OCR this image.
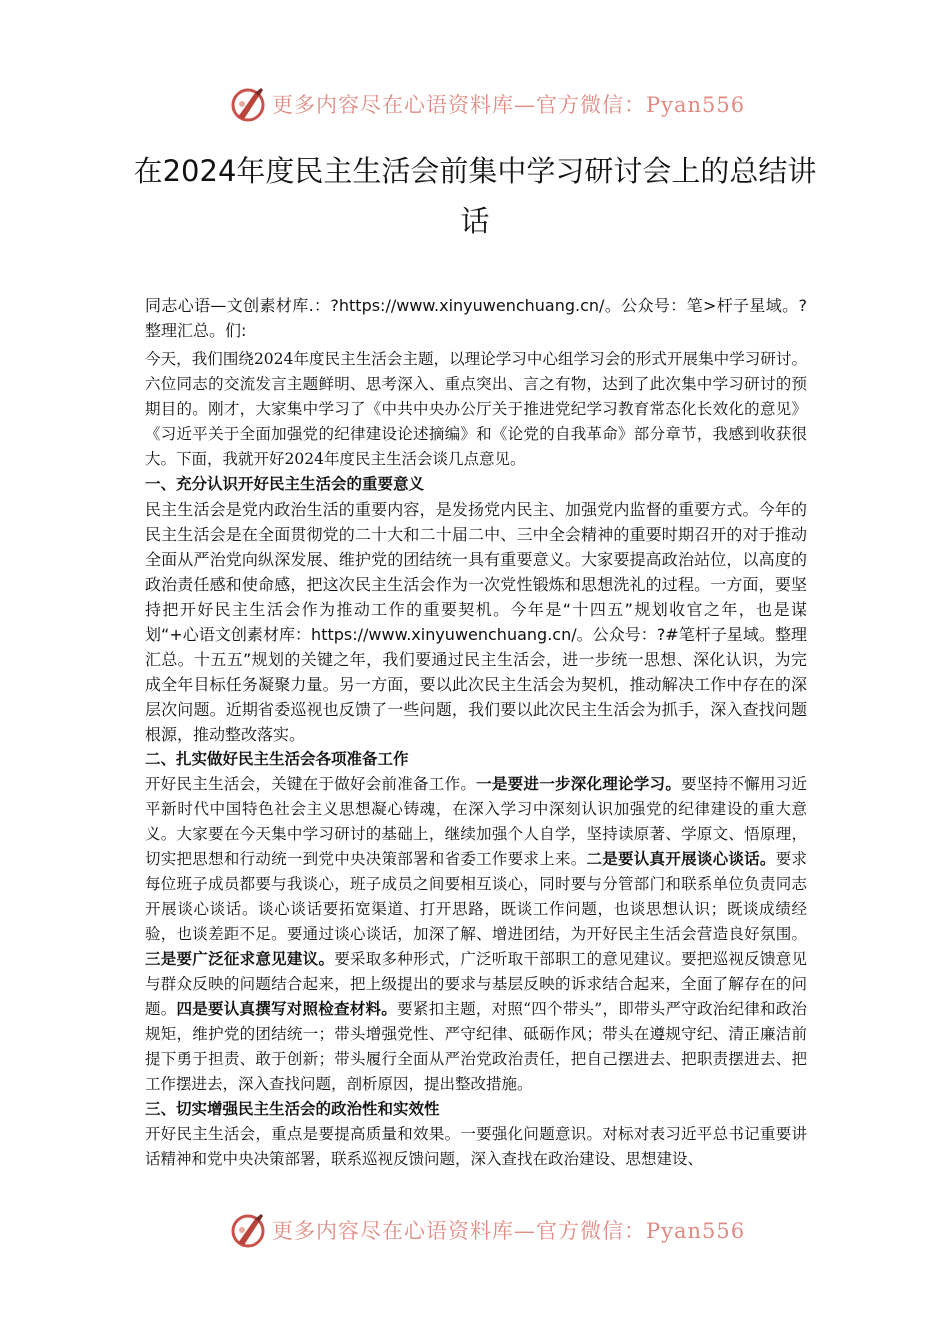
更多内容尽在心语资料库—官方微信：Pyan556
在2024年度民主生活会前集中学习研讨会上的总结讲话

同志心语—文创素材库.：?https://www.xinyuwenchuang.cn/。公众号：笔>杆子星域。?整理汇总。们:

今天，我们围绕2024年度民主生活会主题，以理论学习中心组学习会的形式开展集中学习研讨。六位同志的交流发言主题鲜明、思考深入、重点突出、言之有物，达到了此次集中学习研讨的预期目的。刚才，大家集中学习了《中共中央办公厅关于推进党纪学习教育常态化长效化的意见》《习近平关于全面加强党的纪律建设论述摘编》和《论党的自我革命》部分章节，我感到收获很大。下面，我就开好2024年度民主生活会谈几点意见。

一、充分认识开好民主生活会的重要意义

民主生活会是党内政治生活的重要内容，是发扬党内民主、加强党内监督的重要方式。今年的民主生活会是在全面贯彻党的二十大和二十届二中、三中全会精神的重要时期召开的对于推动全面从严治党向纵深发展、维护党的团结统一具有重要意义。大家要提高政治站位，以高度的政治责任感和使命感，把这次民主生活会作为一次党性锻炼和思想洗礼的过程。一方面，要坚持把开好民主生活会作为推动工作的重要契机。今年是“十四五”规划收官之年，也是谋划“+心语文创素材库：https://www.xinyuwenchuang.cn/。公众号：?#笔杆子星域。整理汇总。十五五”规划的关键之年，我们要通过民主生活会，进一步统一思想、深化认识，为完成全年目标任务凝聚力量。另一方面，要以此次民主生活会为契机，推动解决工作中存在的深层次问题。近期省委巡视也反馈了一些问题，我们要以此次民主生活会为抓手，深入查找问题根源，推动整改落实。

二、扎实做好民主生活会各项准备工作

开好民主生活会，关键在于做好会前准备工作。一是要进一步深化理论学习。要坚持不懈用习近平新时代中国特色社会主义思想凝心铸魂，在深入学习中深刻认识加强党的纪律建设的重大意义。大家要在今天集中学习研讨的基础上，继续加强个人自学，坚持读原著、学原文、悟原理，切实把思想和行动统一到党中央决策部署和省委工作要求上来。二是要认真开展谈心谈话。要求每位班子成员都要与我谈心，班子成员之间要相互谈心，同时要与分管部门和联系单位负责同志开展谈心谈话。谈心谈话要拓宽渠道、打开思路，既谈工作问题，也谈思想认识；既谈成绩经验，也谈差距不足。要通过谈心谈话，加深了解、增进团结，为开好民主生活会营造良好氛围。三是要广泛征求意见建议。要采取多种形式，广泛听取干部职工的意见建议。要把巡视反馈意见与群众反映的问题结合起来，把上级提出的要求与基层反映的诉求结合起来，全面了解存在的问题。四是要认真撰写对照检查材料。要紧扣主题，对照“四个带头”，即带头严守政治纪律和政治规矩，维护党的团结统一；带头增强党性、严守纪律、砥砺作风；带头在遵规守纪、清正廉洁前提下勇于担责、敢于创新；带头履行全面从严治党政治责任，把自己摆进去、把职责摆进去、把工作摆进去，深入查找问题，剖析原因，提出整改措施。

三、切实增强民主生活会的政治性和实效性

开好民主生活会，重点是要提高质量和效果。一要强化问题意识。对标对表习近平总书记重要讲话精神和党中央决策部署，联系巡视反馈问题，深入查找在政治建设、思想建设、

更多内容尽在心语资料库—官方微信：Pyan556
